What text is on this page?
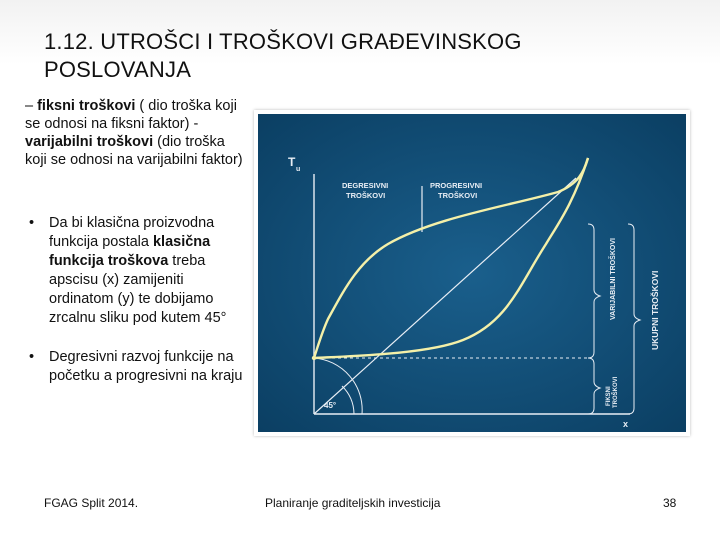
1.12. UTROŠCI I TROŠKOVI GRAĐEVINSKOG
POSLOVANJA
– fiksni troškovi ( dio troška koji se odnosi na fiksni faktor) - varijabilni troškovi (dio troška koji se odnosi na varijabilni faktor)
• Da bi klasična proizvodna funkcija postala klasična funkcija troškova treba apscisu (x) zamijeniti ordinatom (y) te dobijamo zrcalnu sliku pod kutem 45°
• Degresivni razvoj funkcije na početku a progresivni na kraju
T
u
x
DEGRESIVNI
TROŠKOVI
PROGRESIVNI
TROŠKOVI
45°
VARIJABILNI TROŠKOVI	UKUPNI TROŠKOVI
FIKSNI TROŠKOVI
FGAG Split 2014.	Planiranje graditeljskih investicija	38
